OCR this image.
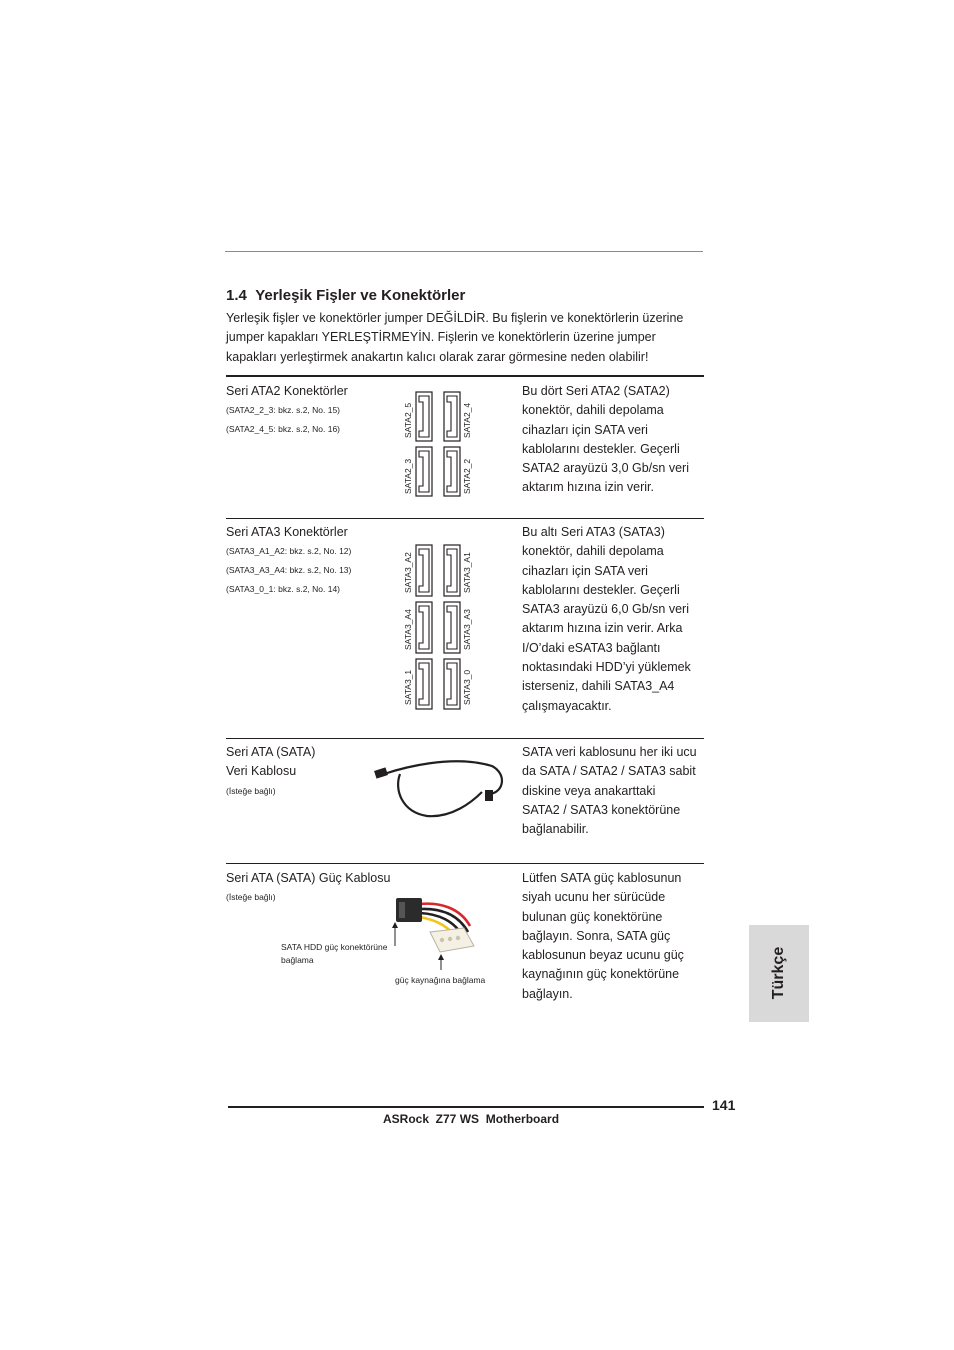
1.4 Yerleşik Fişler ve Konektörler
Yerleşik fişler ve konektörler jumper DEĞİLDİR. Bu fişlerin ve konektörlerin üzerine
jumper kapakları YERLEŞTİRMEYİN. Fişlerin ve konektörlerin üzerine jumper
kapakları yerleştirmek anakartın kalıcı olarak zarar görmesine neden olabilir!
Seri ATA2 Konektörler
(SATA2_2_3: bkz. s.2, No. 15)
(SATA2_4_5: bkz. s.2, No. 16)
Bu dört Seri ATA2 (SATA2)
konektör, dahili depolama
cihazları için SATA veri
kablolarını destekler. Geçerli
SATA2 arayüzü 3,0 Gb/sn veri
aktarım hızına izin verir.
SATA2_5	SATA2_4
SATA2_3	SATA2_2
Seri ATA3 Konektörler
(SATA3_A1_A2: bkz. s.2, No. 12)
(SATA3_A3_A4: bkz. s.2, No. 13)
(SATA3_0_1: bkz. s.2, No. 14)
Bu altı Seri ATA3 (SATA3)
konektör, dahili depolama
cihazları için SATA veri
kablolarını destekler. Geçerli
SATA3 arayüzü 6,0 Gb/sn veri
aktarım hızına izin verir. Arka
I/O’daki eSATA3 bağlantı
noktasındaki HDD’yi yüklemek
isterseniz, dahili SATA3_A4
çalışmayacaktır.
SATA3_A2	SATA3_A1
SATA3_A4	SATA3_A3
SATA3_1	SATA3_0
Seri ATA (SATA)
Veri Kablosu
(İsteğe bağlı)
SATA veri kablosunu her iki ucu
da SATA / SATA2 / SATA3 sabit
diskine veya anakarttaki
SATA2 / SATA3 konektörüne
bağlanabilir.
Seri ATA (SATA) Güç Kablosu
(İsteğe bağlı)
Lütfen SATA güç kablosunun
siyah ucunu her sürücüde
bulunan güç konektörüne
bağlayın. Sonra, SATA güç
kablosunun beyaz ucunu güç
kaynağının güç konektörüne
bağlayın.
SATA HDD güç konektörüne
bağlama
güç kaynağına bağlama	Türkçe
141
ASRock  Z77 WS  Motherboard
